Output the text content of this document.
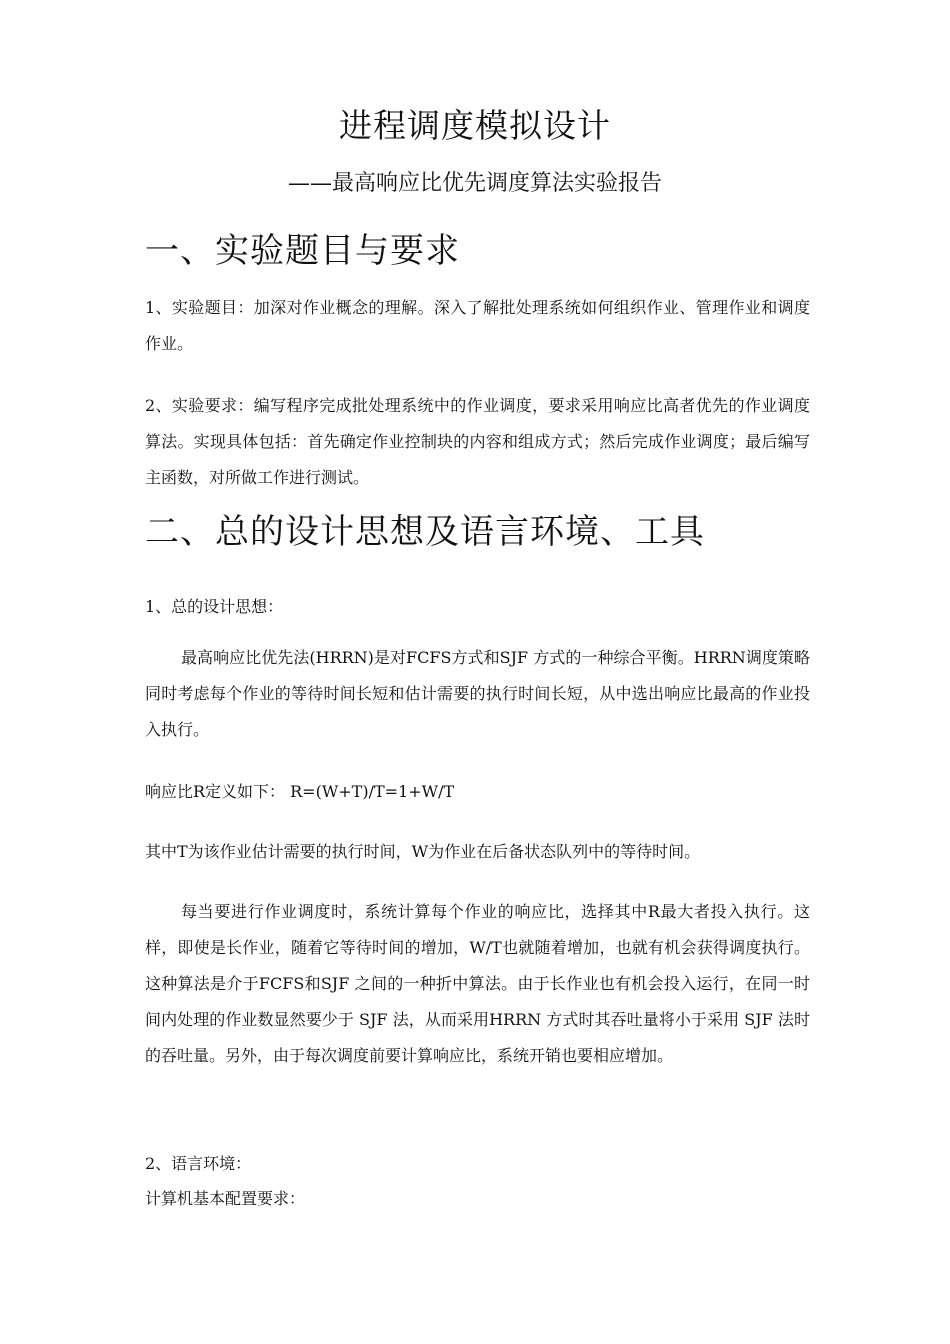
进程调度模拟设计
——最高响应比优先调度算法实验报告
一、实验题目与要求

1、实验题目：加深对作业概念的理解。深入了解批处理系统如何组织作业、管理作业和调度作业。

2、实验要求：编写程序完成批处理系统中的作业调度，要求采用响应比高者优先的作业调度算法。实现具体包括：首先确定作业控制块的内容和组成方式；然后完成作业调度；最后编写主函数，对所做工作进行测试。

二、总的设计思想及语言环境、工具

1、总的设计思想：

最高响应比优先法(HRRN)是对FCFS方式和SJF 方式的一种综合平衡。HRRN调度策略同时考虑每个作业的等待时间长短和估计需要的执行时间长短，从中选出响应比最高的作业投入执行。

响应比R定义如下： R=(W+T)/T=1+W/T

其中T为该作业估计需要的执行时间，W为作业在后备状态队列中的等待时间。

每当要进行作业调度时，系统计算每个作业的响应比，选择其中R最大者投入执行。这样，即使是长作业，随着它等待时间的增加，W/T也就随着增加，也就有机会获得调度执行。这种算法是介于FCFS和SJF 之间的一种折中算法。由于长作业也有机会投入运行，在同一时间内处理的作业数显然要少于 SJF 法，从而采用HRRN 方式时其吞吐量将小于采用 SJF 法时的吞吐量。另外，由于每次调度前要计算响应比，系统开销也要相应增加。

2、语言环境：

计算机基本配置要求：
